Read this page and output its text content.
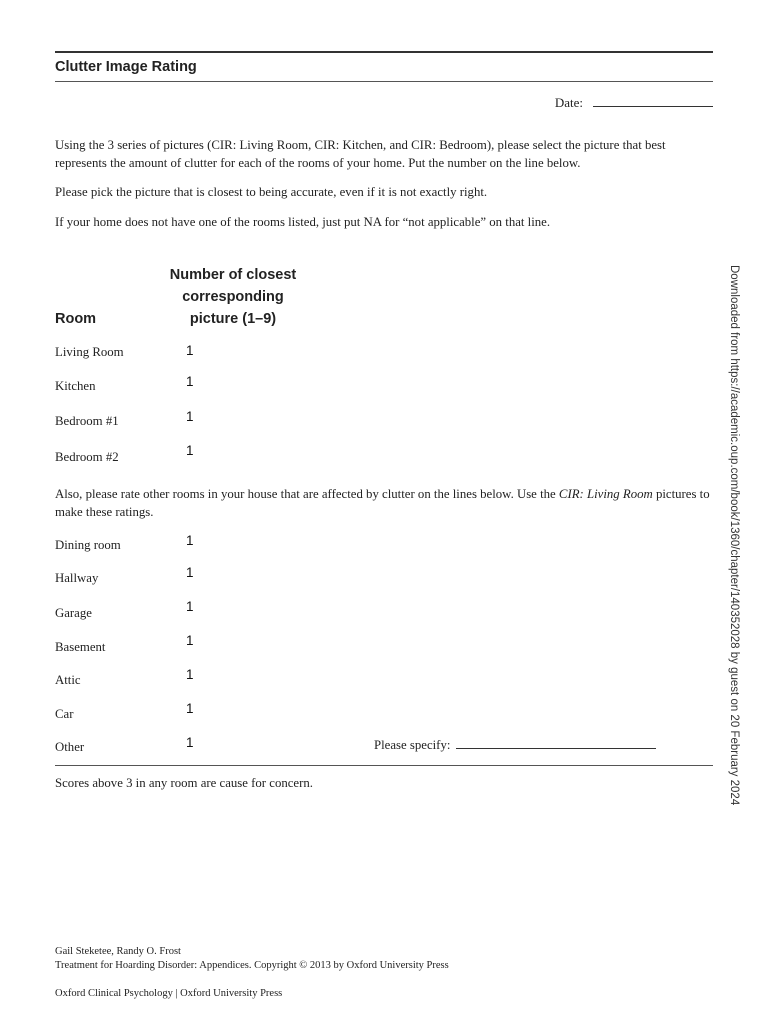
Clutter Image Rating
Date:

Using the 3 series of pictures (CIR: Living Room, CIR: Kitchen, and CIR: Bedroom), please select the picture that best represents the amount of clutter for each of the rooms of your home. Put the number on the line below.

Please pick the picture that is closest to being accurate, even if it is not exactly right.

If your home does not have one of the rooms listed, just put NA for “not applicable” on that line.

Number of closest
corresponding
picture (1–9)
Room
Living Room	1
Kitchen	1
Bedroom #1	1
Bedroom #2	1

Also, please rate other rooms in your house that are affected by clutter on the lines below. Use the CIR: Living Room pictures to make these ratings.

Dining room	1
Hallway	1
Garage	1
Basement	1
Attic	1
Car	1
Other	1	Please specify:
Scores above 3 in any room are cause for concern.
Gail Steketee, Randy O. Frost
Treatment for Hoarding Disorder: Appendices. Copyright © 2013 by Oxford University Press
Oxford Clinical Psychology | Oxford University Press
Downloaded from https://academic.oup.com/book/1360/chapter/140352028 by guest on 20 February 2024
